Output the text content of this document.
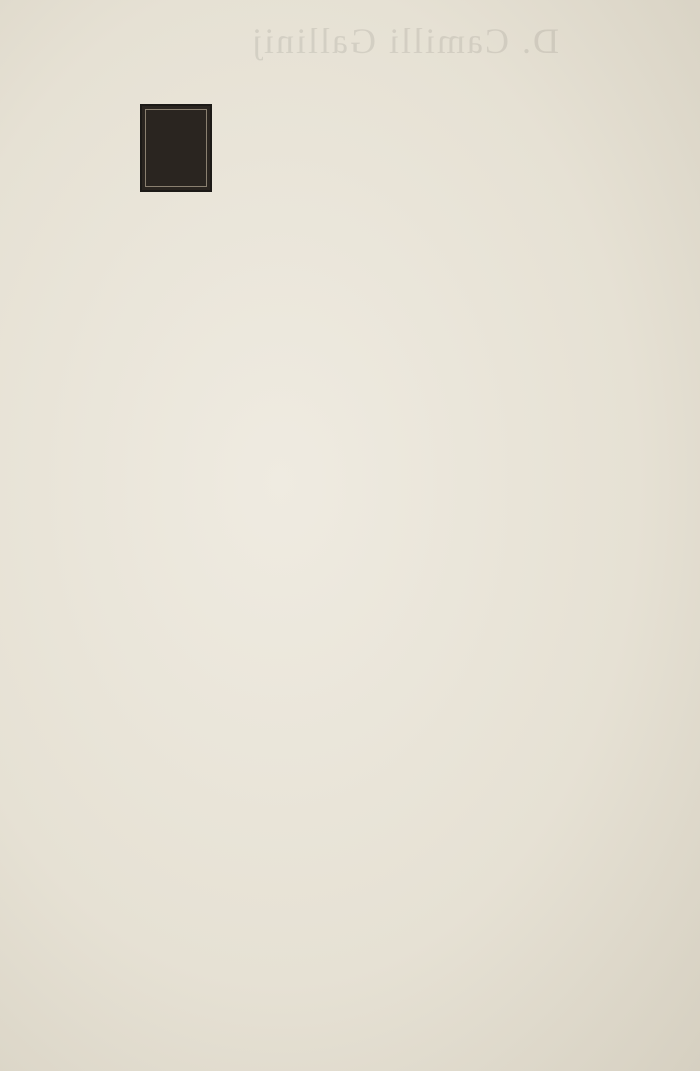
D. Camilli Gallinij
